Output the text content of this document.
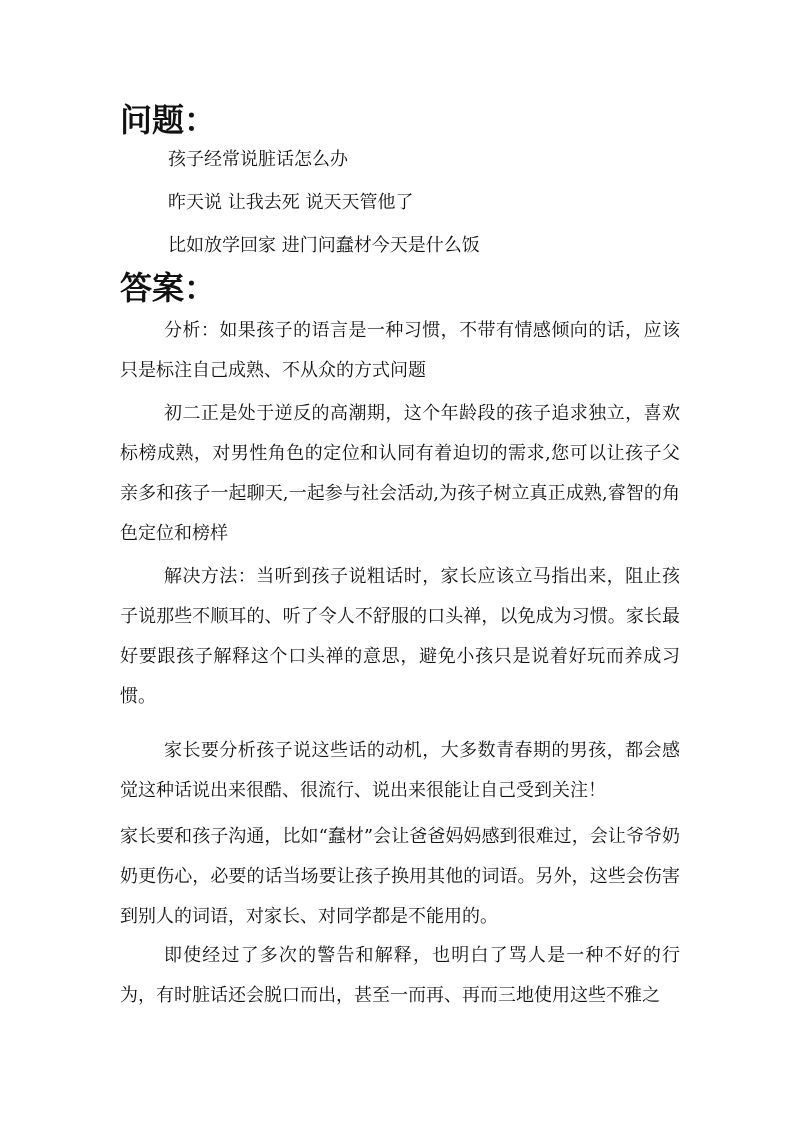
问题：

孩子经常说脏话怎么办

昨天说 让我去死 说天天管他了

比如放学回家 进门问蠢材今天是什么饭

答案：

分析：如果孩子的语言是一种习惯，不带有情感倾向的话，应该只是标注自己成熟、不从众的方式问题

初二正是处于逆反的高潮期，这个年龄段的孩子追求独立，喜欢标榜成熟，对男性角色的定位和认同有着迫切的需求,您可以让孩子父亲多和孩子一起聊天,一起参与社会活动,为孩子树立真正成熟,睿智的角色定位和榜样

解决方法：当听到孩子说粗话时，家长应该立马指出来，阻止孩子说那些不顺耳的、听了令人不舒服的口头禅，以免成为习惯。家长最好要跟孩子解释这个口头禅的意思，避免小孩只是说着好玩而养成习惯。

家长要分析孩子说这些话的动机，大多数青春期的男孩，都会感觉这种话说出来很酷、很流行、说出来很能让自己受到关注！

家长要和孩子沟通，比如“蠢材”会让爸爸妈妈感到很难过，会让爷爷奶奶更伤心，必要的话当场要让孩子换用其他的词语。另外，这些会伤害到别人的词语，对家长、对同学都是不能用的。

即使经过了多次的警告和解释，也明白了骂人是一种不好的行为，有时脏话还会脱口而出，甚至一而再、再而三地使用这些不雅之
